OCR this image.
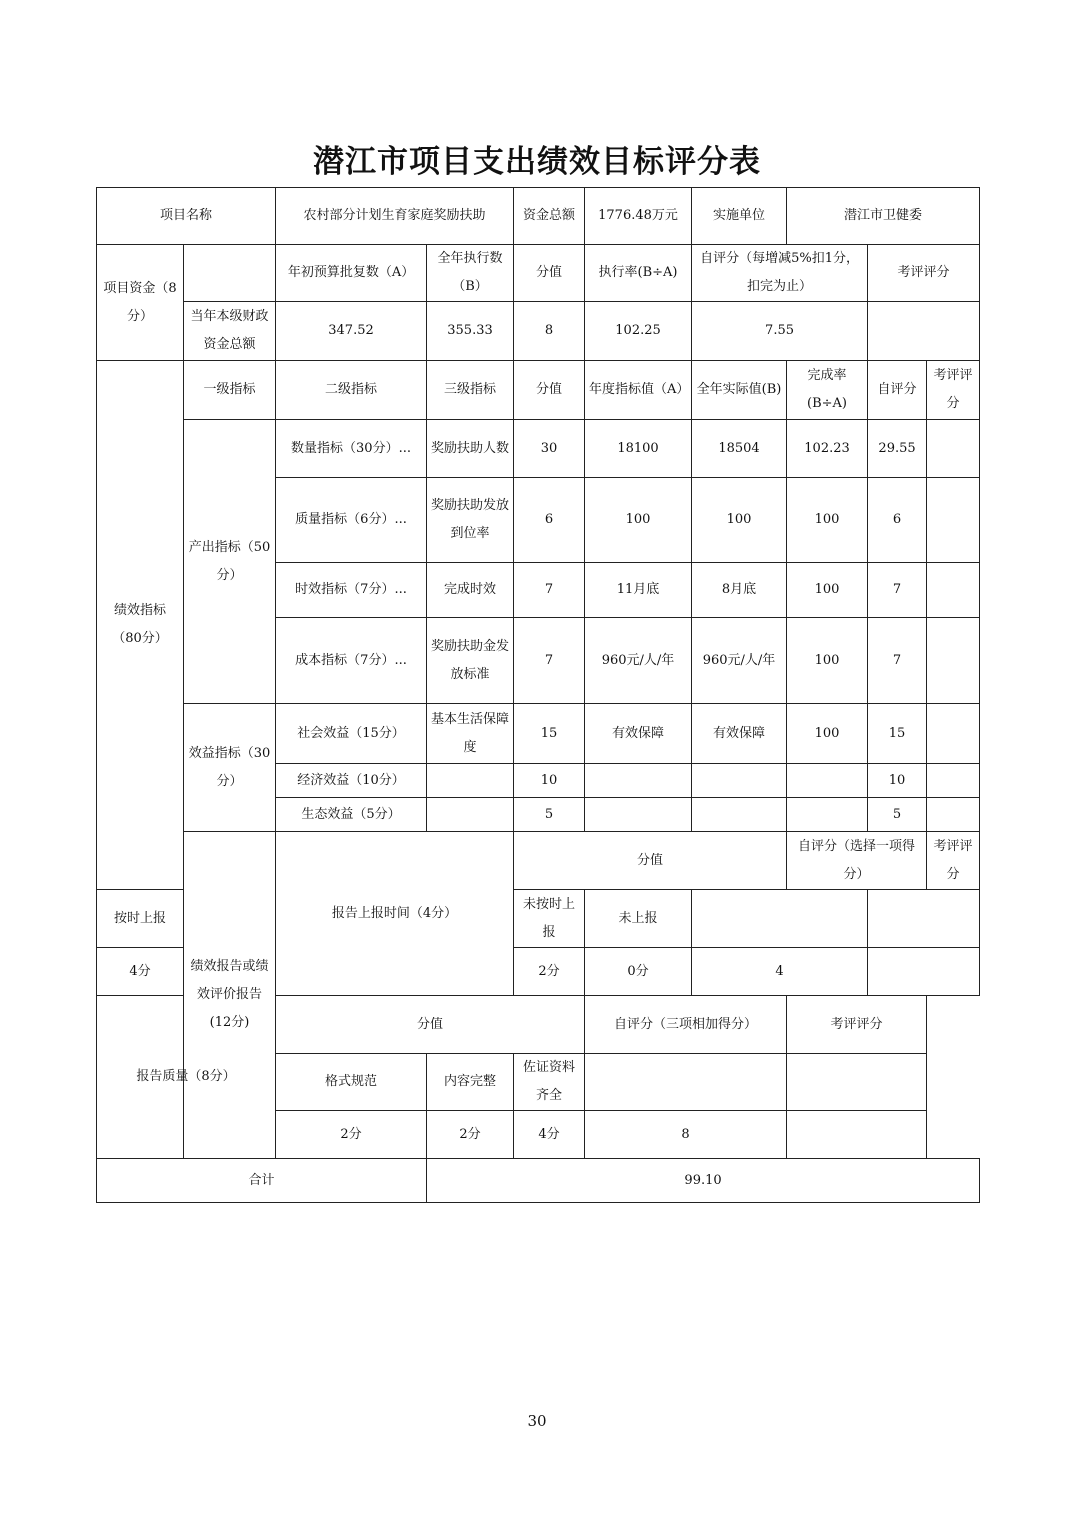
潜江市项目支出绩效目标评分表
项目名称		农村部分计划生育家庭奖励扶助		资金总额	1776.48万元	实施单位	潜江市卫健委			
项目资金（8分）		年初预算批复数（A）	全年执行数（B）	分值	执行率(B÷A)	自评分（每增减5%扣1分，扣完为止）		考评评分		
	当年本级财政资金总额	347.52	355.33	8	102.25	7.55				
绩效指标（80分）	一级指标	二级指标	三级指标	分值	年度指标值（A）	全年实际值(B)	完成率(B÷A)	自评分	考评评分	
	产出指标（50分）	数量指标（30分）...	奖励扶助人数	30	18100	18504	102.23	29.55		
		质量指标（6分）...	奖励扶助发放到位率	6	100	100	100	6		
		时效指标（7分）...	完成时效	7	11月底	8月底	100	7		
		成本指标（7分）...	奖励扶助金发放标准	7	960元/人/年	960元/人/年	100	7		
	效益指标（30分）	社会效益（15分）	基本生活保障度	15	有效保障	有效保障	100	15		
		经济效益（10分）		10				10		
		生态效益（5分）		5				5		
	绩效报告或绩效评价报告(12分)	报告上报时间（4分）		分值			自评分（选择一项得分）		考评评分	
按时上报				未按时上报	未上报					
4分				2分	0分	4				
报告质量（8分）		分值			自评分（三项相加得分）		考评评分			
		格式规范	内容完整	佐证资料齐全						
		2分	2分	4分	8					
合计			99.10							
30
